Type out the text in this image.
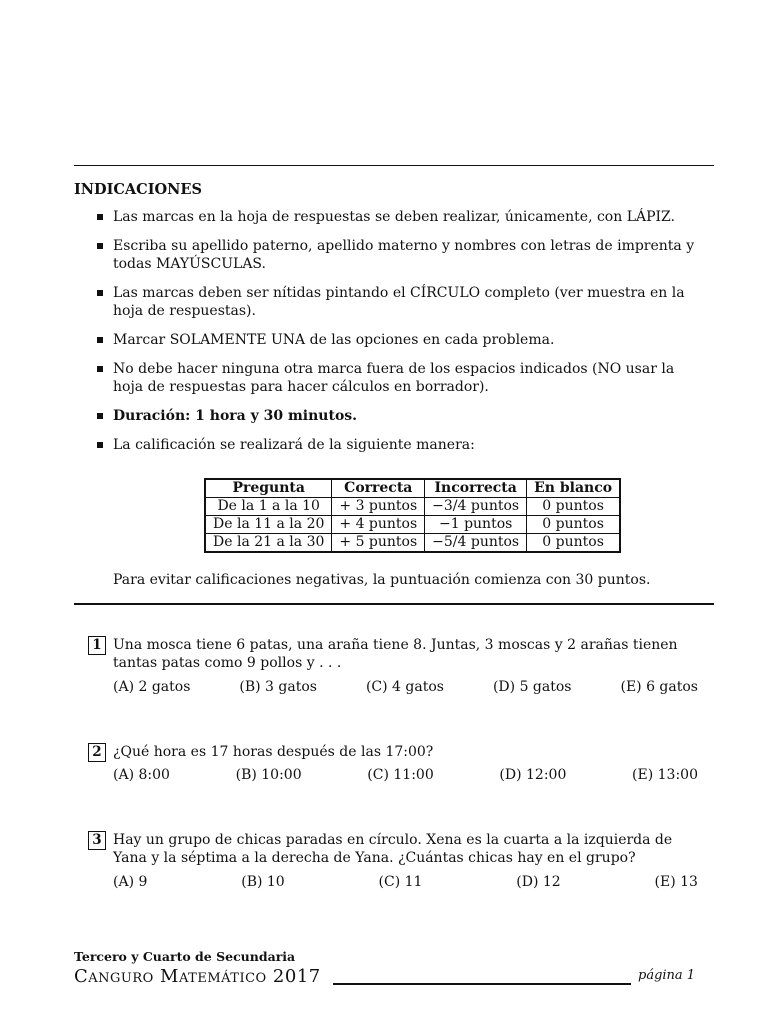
INDICACIONES
Las marcas en la hoja de respuestas se deben realizar, únicamente, con LÁPIZ.
Escriba su apellido paterno, apellido materno y nombres con letras de imprenta y todas MAYÚSCULAS.
Las marcas deben ser nítidas pintando el CÍRCULO completo (ver muestra en la hoja de respuestas).
Marcar SOLAMENTE UNA de las opciones en cada problema.
No debe hacer ninguna otra marca fuera de los espacios indicados (NO usar la hoja de respuestas para hacer cálculos en borrador).
Duración: 1 hora y 30 minutos.
La calificación se realizará de la siguiente manera:
Pregunta	Correcta	Incorrecta	En blanco
De la 1 a la 10	+ 3 puntos	−3/4 puntos	0 puntos
De la 11 a la 20	+ 4 puntos	−1 puntos	0 puntos
De la 21 a la 30	+ 5 puntos	−5/4 puntos	0 puntos
Para evitar calificaciones negativas, la puntuación comienza con 30 puntos.
1 Una mosca tiene 6 patas, una araña tiene 8. Juntas, 3 moscas y 2 arañas tienen tantas patas como 9 pollos y . . .
(A) 2 gatos	(B) 3 gatos	(C) 4 gatos	(D) 5 gatos	(E) 6 gatos
2 ¿Qué hora es 17 horas después de las 17:00?
(A) 8:00	(B) 10:00	(C) 11:00	(D) 12:00	(E) 13:00
3 Hay un grupo de chicas paradas en círculo. Xena es la cuarta a la izquierda de Yana y la séptima a la derecha de Yana. ¿Cuántas chicas hay en el grupo?
(A) 9	(B) 10	(C) 11	(D) 12	(E) 13
Tercero y Cuarto de Secundaria
Canguro Matemático 2017	página 1
